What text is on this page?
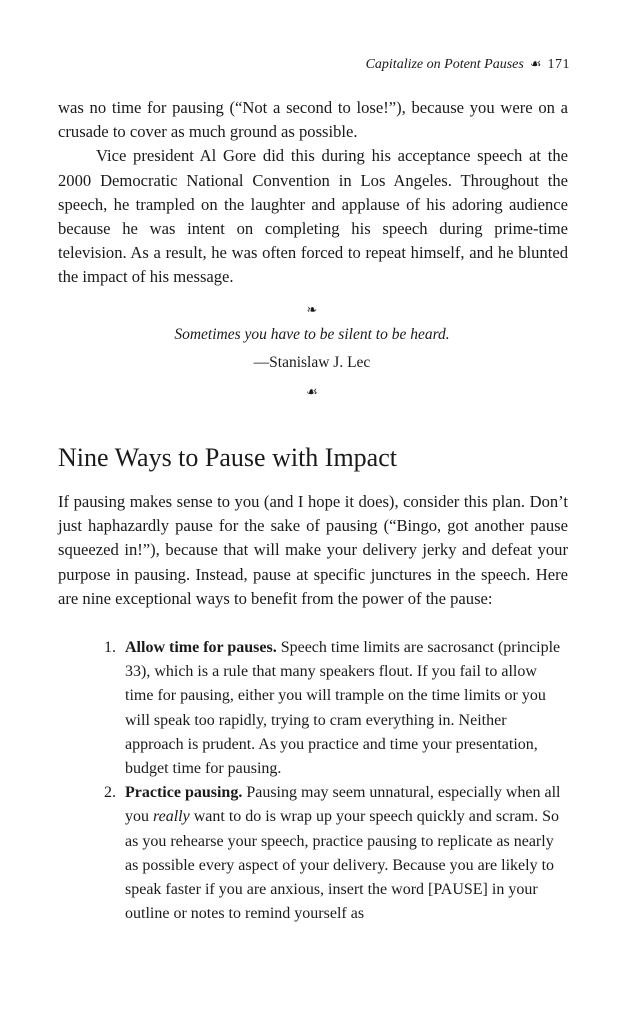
Capitalize on Potent Pauses ☙ 171

was no time for pausing (“Not a second to lose!”), because you were on a crusade to cover as much ground as possible.

Vice president Al Gore did this during his acceptance speech at the 2000 Democratic National Convention in Los Angeles. Throughout the speech, he trampled on the laughter and applause of his adoring audience because he was intent on completing his speech during prime-time television. As a result, he was often forced to repeat himself, and he blunted the impact of his message.

❧
Sometimes you have to be silent to be heard.
—Stanislaw J. Lec
☙
Nine Ways to Pause with Impact

If pausing makes sense to you (and I hope it does), consider this plan. Don’t just haphazardly pause for the sake of pausing (“Bingo, got another pause squeezed in!”), because that will make your delivery jerky and defeat your purpose in pausing. Instead, pause at specific junctures in the speech. Here are nine exceptional ways to benefit from the power of the pause:

1. Allow time for pauses. Speech time limits are sacrosanct (principle 33), which is a rule that many speakers flout. If you fail to allow time for pausing, either you will trample on the time limits or you will speak too rapidly, trying to cram everything in. Neither approach is prudent. As you practice and time your presentation, budget time for pausing.
2. Practice pausing. Pausing may seem unnatural, especially when all you really want to do is wrap up your speech quickly and scram. So as you rehearse your speech, practice pausing to replicate as nearly as possible every aspect of your delivery. Because you are likely to speak faster if you are anxious, insert the word [PAUSE] in your outline or notes to remind yourself as
